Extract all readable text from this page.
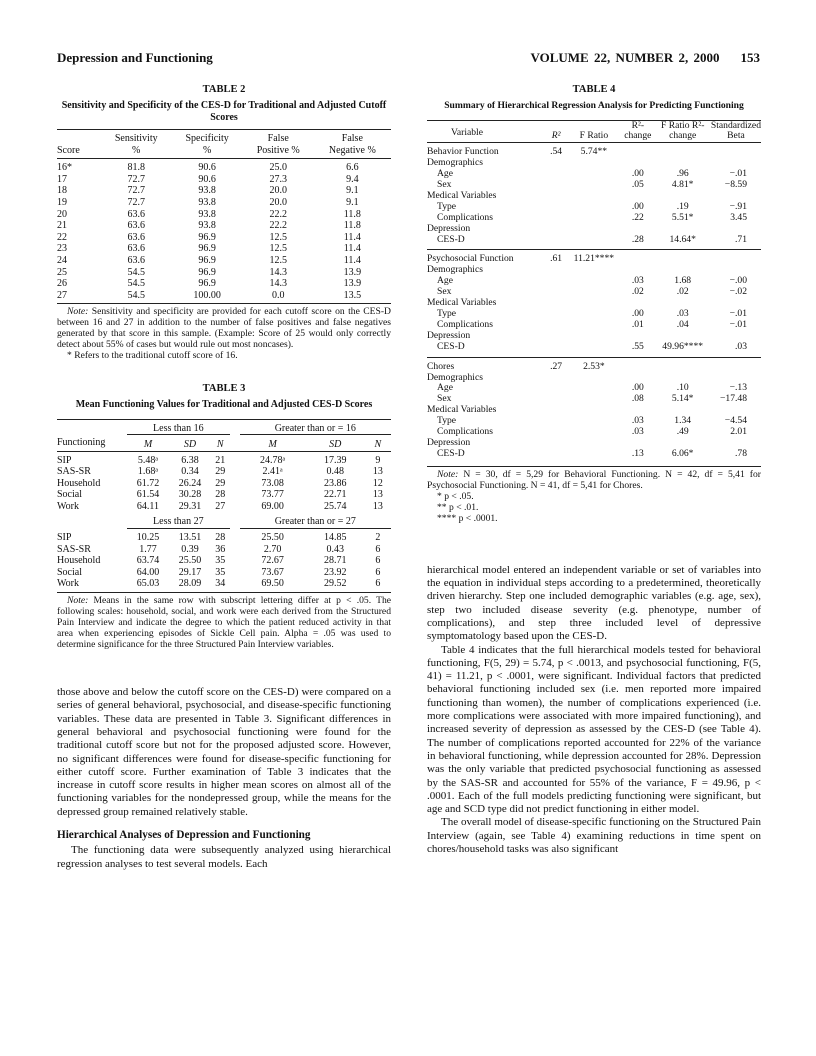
Depression and Functioning	VOLUME 22, NUMBER 2, 2000 153
TABLE 2
Sensitivity and Specificity of the CES-D for Traditional and Adjusted Cutoff Scores
	Sensitivity	Specificity	False	False
Score	%	%	Positive %	Negative %
16*	81.8	90.6	25.0	6.6
17	72.7	90.6	27.3	9.4
18	72.7	93.8	20.0	9.1
19	72.7	93.8	20.0	9.1
20	63.6	93.8	22.2	11.8
21	63.6	93.8	22.2	11.8
22	63.6	96.9	12.5	11.4
23	63.6	96.9	12.5	11.4
24	63.6	96.9	12.5	11.4
25	54.5	96.9	14.3	13.9
26	54.5	96.9	14.3	13.9
27	54.5	100.00	0.0	13.5
Note: Sensitivity and specificity are provided for each cutoff score on the CES-D between 16 and 27 in addition to the number of false positives and false negatives generated by that score in this sample. (Example: Score of 25 would only correctly detect about 55% of cases but would rule out most noncases).
* Refers to the traditional cutoff score of 16.
TABLE 3
Mean Functioning Values for Traditional and Adjusted CES-D Scores
	Less than 16				Greater than or = 16		
Functioning	M	SD	N		M	SD	N
SIP	5.48ᵃ	6.38	21		24.78ᵃ	17.39	9
SAS-SR	1.68ᵃ	0.34	29		2.41ᵃ	0.48	13
Household	61.72	26.24	29		73.08	23.86	12
Social	61.54	30.28	28		73.77	22.71	13
Work	64.11	29.31	27		69.00	25.74	13
	Less than 27				Greater than or = 27		
SIP	10.25	13.51	28		25.50	14.85	2
SAS-SR	1.77	0.39	36		2.70	0.43	6
Household	63.74	25.50	35		72.67	28.71	6
Social	64.00	29.17	35		73.67	23.92	6
Work	65.03	28.09	34		69.50	29.52	6
Note: Means in the same row with subscript lettering differ at p < .05. The following scales: household, social, and work were each derived from the Structured Pain Interview and indicate the degree to which the patient reduced activity in that area when experiencing episodes of Sickle Cell pain. Alpha = .05 was used to determine significance for the three Structured Pain Interview variables.

those above and below the cutoff score on the CES-D) were compared on a series of general behavioral, psychosocial, and disease-specific functioning variables. These data are presented in Table 3. Significant differences in general behavioral and psychosocial functioning were found for the traditional cutoff score but not for the proposed adjusted score. However, no significant differences were found for disease-specific functioning for either cutoff score. Further examination of Table 3 indicates that the increase in cutoff score results in higher mean scores on almost all of the functioning variables for the nondepressed group, while the means for the depressed group remained relatively stable.

Hierarchical Analyses of Depression and Functioning

The functioning data were subsequently analyzed using hierarchical regression analyses to test several models. Each

TABLE 4
Summary of Hierarchical Regression Analysis for Predicting Functioning
Variable	R²	F Ratio	R²-change	F Ratio R²-change	Standardized Beta
Behavior Function	.54	5.74**			
Demographics					
Age			.00	.96	−.01
Sex			.05	4.81*	−8.59
Medical Variables					
Type			.00	.19	−.91
Complications			.22	5.51*	3.45
Depression					
CES-D			.28	14.64*	.71
Psychosocial Function	.61	11.21****			
Demographics					
Age			.03	1.68	−.00
Sex			.02	.02	−.02
Medical Variables					
Type			.00	.03	−.01
Complications			.01	.04	−.01
Depression					
CES-D			.55	49.96****	.03
Chores	.27	2.53*			
Demographics					
Age			.00	.10	−.13
Sex			.08	5.14*	−17.48
Medical Variables					
Type			.03	1.34	−4.54
Complications			.03	.49	2.01
Depression					
CES-D			.13	6.06*	.78
Note: N = 30, df = 5,29 for Behavioral Functioning. N = 42, df = 5,41 for Psychosocial Functioning. N = 41, df = 5,41 for Chores.
* p < .05.
** p < .01.
**** p < .0001.

hierarchical model entered an independent variable or set of variables into the equation in individual steps according to a predetermined, theoretically driven hierarchy. Step one included demographic variables (e.g. age, sex), step two included disease severity (e.g. phenotype, number of complications), and step three included level of depressive symptomatology based upon the CES-D.

Table 4 indicates that the full hierarchical models tested for behavioral functioning, F(5, 29) = 5.74, p < .0013, and psychosocial functioning, F(5, 41) = 11.21, p < .0001, were significant. Individual factors that predicted behavioral functioning included sex (i.e. men reported more impaired functioning than women), the number of complications experienced (i.e. more complications were associated with more impaired functioning), and increased severity of depression as assessed by the CES-D (see Table 4). The number of complications reported accounted for 22% of the variance in behavioral functioning, while depression accounted for 28%. Depression was the only variable that predicted psychosocial functioning as assessed by the SAS-SR and accounted for 55% of the variance, F = 49.96, p < .0001. Each of the full models predicting functioning were significant, but age and SCD type did not predict functioning in either model.

The overall model of disease-specific functioning on the Structured Pain Interview (again, see Table 4) examining reductions in time spent on chores/household tasks was also significant
